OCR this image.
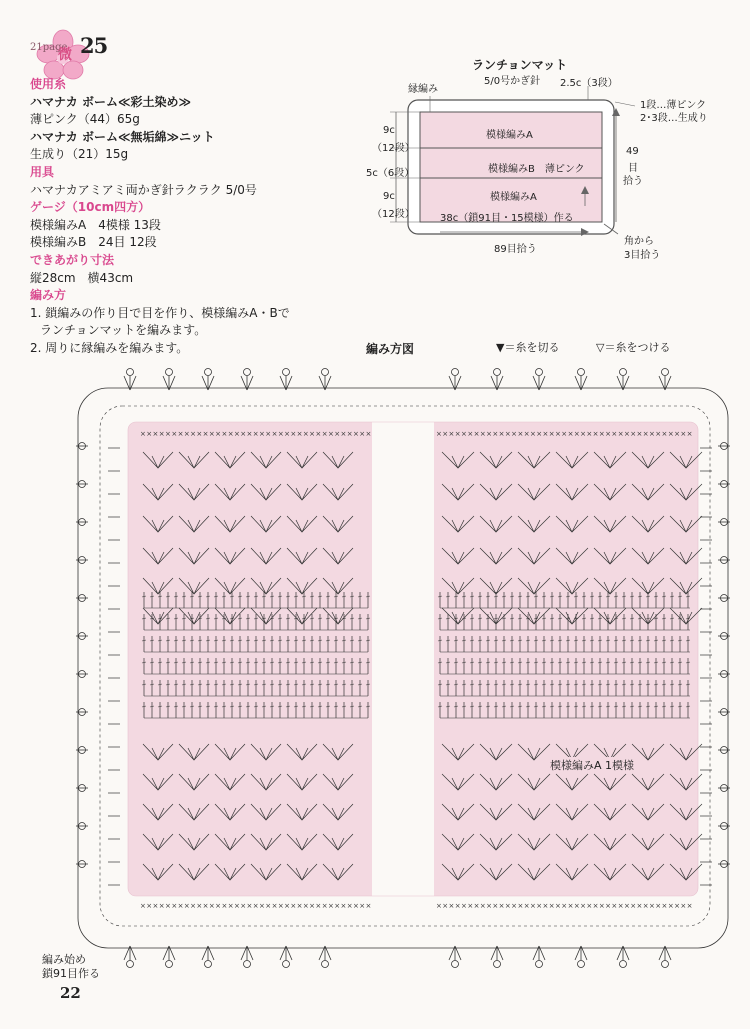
21page
微 25
使用糸
ハマナカ ボーム≪彩土染め≫
薄ピンク（44）65g
ハマナカ ボーム≪無垢綿≫ニット
生成り（21）15g
用具
ハマナカアミアミ両かぎ針ラクラク 5/0号
ゲージ（10cm四方）
模様編みA　4模様 13段
模様編みB　24目 12段
できあがり寸法
縦28cm　横43cm
編み方
1. 鎖編みの作り目で目を作り、模様編みA・Bで
ランチョンマットを編みます。
2. 周りに縁編みを編みます。
ランチョンマット
5/0号かぎ針
縁編み
2.5c（3段）
1段…薄ピンク
2･3段…生成り
模様編みA
模様編みB　薄ピンク
模様編みA
9c
（12段）
5c（6段）
9c
（12段）
49
目
拾う
38c（鎖91目・15模様）作る
89目拾う
角から
3目拾う
編み方図	▼＝糸を切る	▽＝糸をつける
×××××××××××××××××××××××××××××××××××××	×××××××××××××××××××××××××××××××××××××××××
×××××××××××××××××××××××××××××××××××××	×××××××××××××××××××××××××××××××××××××××××
模様編みA 1模様
編み始め
鎖91目作る
22
